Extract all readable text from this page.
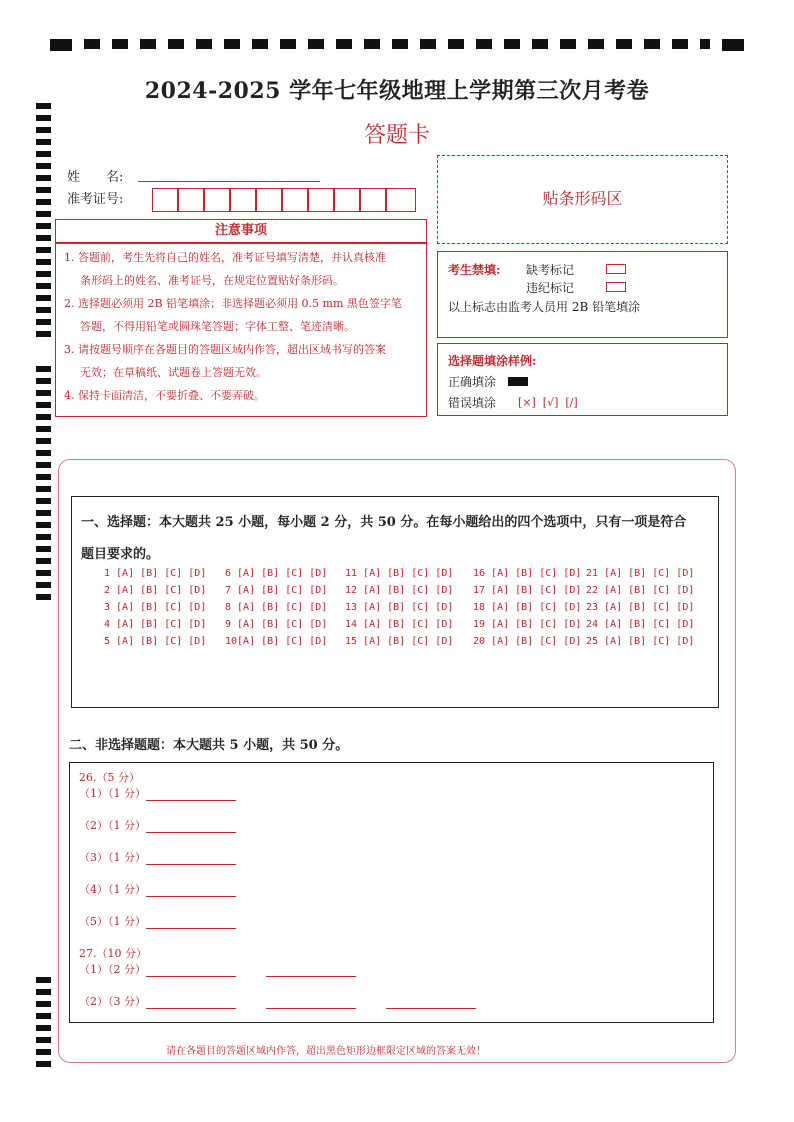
2024-2025 学年七年级地理上学期第三次月考卷
答题卡
姓　　名:
准考证号:	贴条形码区
注意事项
1. 答题前，考生先将自己的姓名，准考证号填写清楚，并认真核准
条形码上的姓名、准考证号，在规定位置贴好条形码。
2. 选择题必须用 2B 铅笔填涂；非选择题必须用 0.5 mm 黑色签字笔
答题，不得用铅笔或圆珠笔答题；字体工整、笔迹清晰。
3. 请按题号顺序在各题目的答题区域内作答，超出区域书写的答案
无效；在草稿纸、试题卷上答题无效。
4. 保持卡面清洁，不要折叠、不要弄破。
考生禁填: 缺考标记
违纪标记
以上标志由监考人员用 2B 铅笔填涂
选择题填涂样例:
正确填涂
错误填涂 [×]  [√]  [/]
一、选择题：本大题共 25 小题，每小题 2 分，共 50 分。在每小题给出的四个选项中，只有一项是符合
题目要求的。
1 [A] [B] [C] [D] 6 [A] [B] [C] [D] 11 [A] [B] [C] [D] 16 [A] [B] [C] [D] 21 [A] [B] [C] [D]
2 [A] [B] [C] [D] 7 [A] [B] [C] [D] 12 [A] [B] [C] [D] 17 [A] [B] [C] [D] 22 [A] [B] [C] [D]
3 [A] [B] [C] [D] 8 [A] [B] [C] [D] 13 [A] [B] [C] [D] 18 [A] [B] [C] [D] 23 [A] [B] [C] [D]
4 [A] [B] [C] [D] 9 [A] [B] [C] [D] 14 [A] [B] [C] [D] 19 [A] [B] [C] [D] 24 [A] [B] [C] [D]
5 [A] [B] [C] [D] 10[A] [B] [C] [D] 15 [A] [B] [C] [D] 20 [A] [B] [C] [D] 25 [A] [B] [C] [D]
二、非选择题题：本大题共 5 小题，共 50 分。
26.（5 分）
（1）（1 分）
（2）（1 分）
（3）（1 分）
（4）（1 分）
（5）（1 分）
27.（10 分）
（1）（2 分）
（2）（3 分）
请在各题目的答题区域内作答，超出黑色矩形边框限定区域的答案无效！
